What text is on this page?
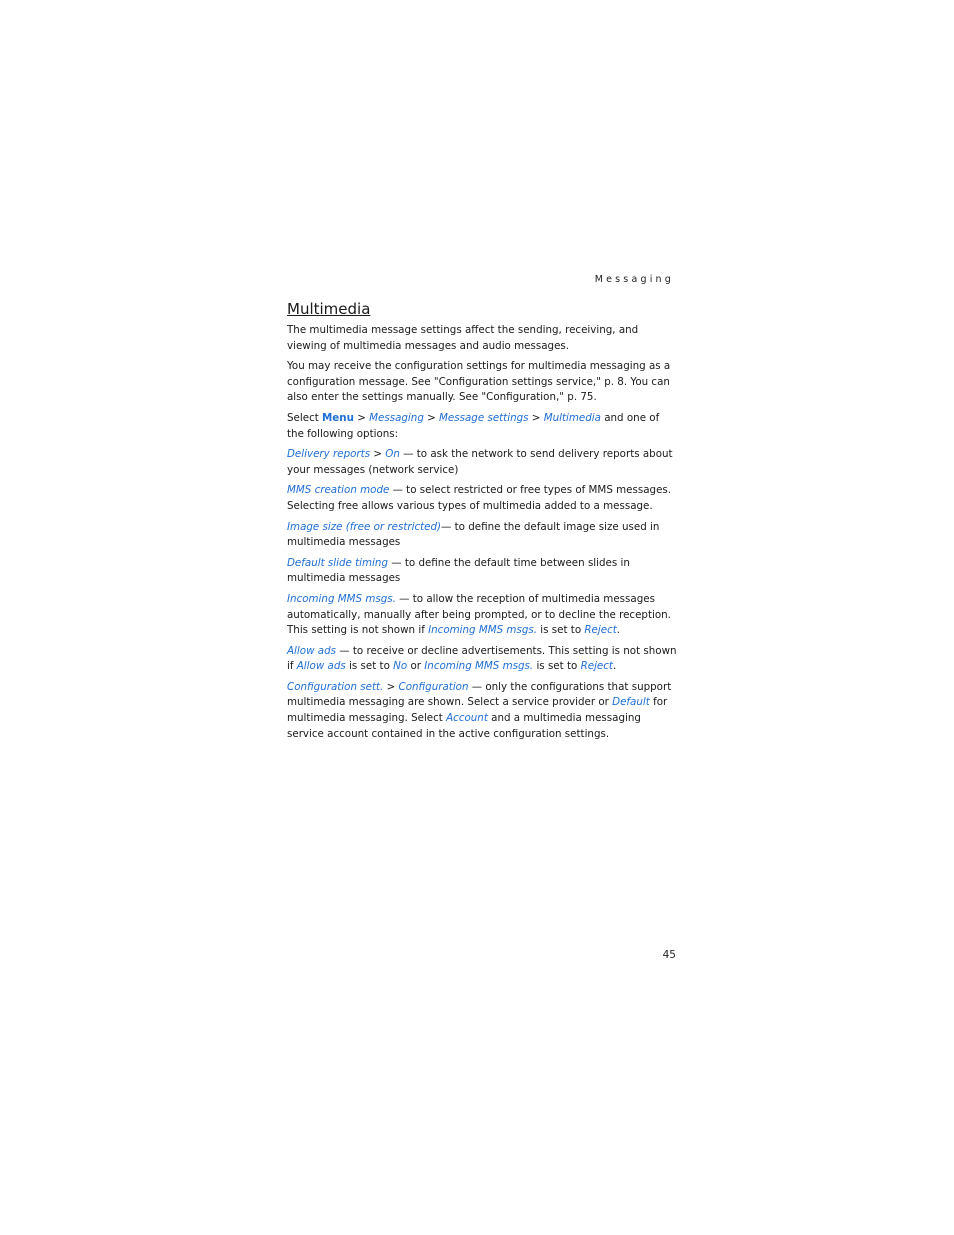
Messaging
Multimedia

The multimedia message settings affect the sending, receiving, and viewing of multimedia messages and audio messages.

You may receive the configuration settings for multimedia messaging as a configuration message. See "Configuration settings service," p. 8. You can also enter the settings manually. See "Configuration," p. 75.

Select Menu > Messaging > Message settings > Multimedia and one of the following options:

Delivery reports > On — to ask the network to send delivery reports about your messages (network service)

MMS creation mode — to select restricted or free types of MMS messages. Selecting free allows various types of multimedia added to a message.

Image size (free or restricted)— to define the default image size used in multimedia messages

Default slide timing — to define the default time between slides in multimedia messages

Incoming MMS msgs. — to allow the reception of multimedia messages automatically, manually after being prompted, or to decline the reception. This setting is not shown if Incoming MMS msgs. is set to Reject.

Allow ads — to receive or decline advertisements. This setting is not shown if Allow ads is set to No or Incoming MMS msgs. is set to Reject.

Configuration sett. > Configuration — only the configurations that support multimedia messaging are shown. Select a service provider or Default for multimedia messaging. Select Account and a multimedia messaging service account contained in the active configuration settings.

45
